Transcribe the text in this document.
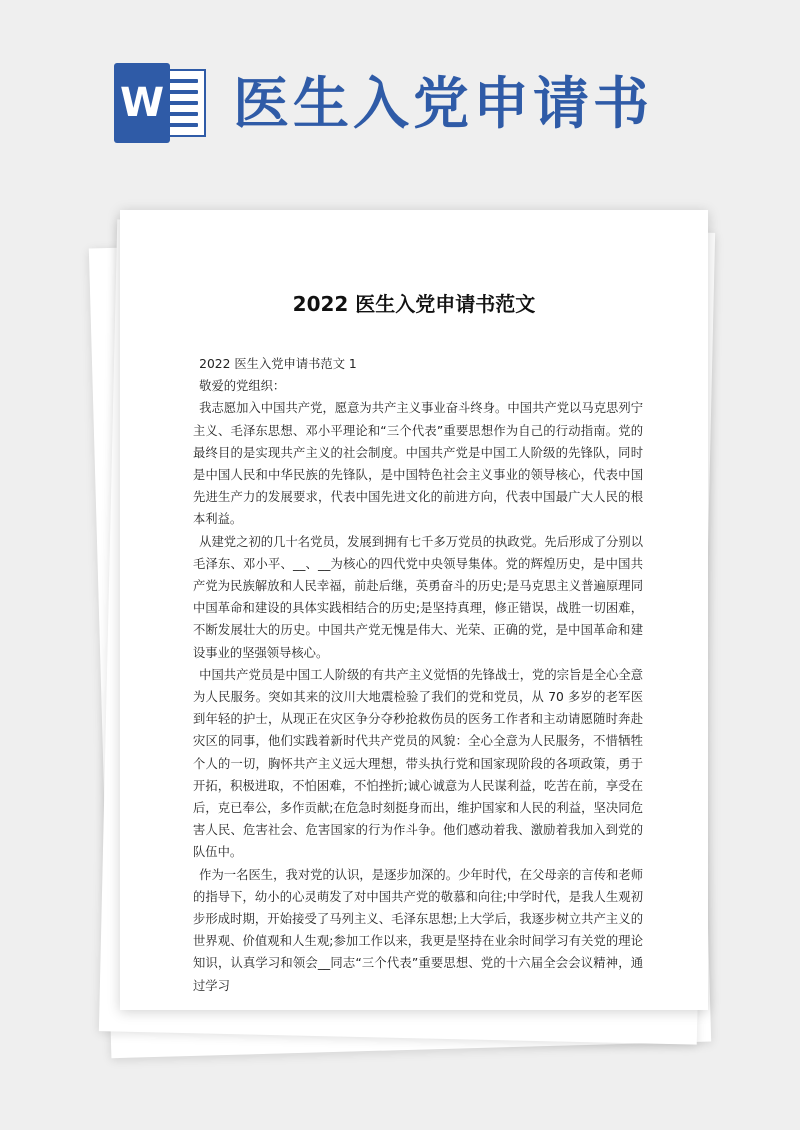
W 医生入党申请书
2022 医生入党申请书范文

2022 医生入党申请书范文 1

敬爱的党组织：

我志愿加入中国共产党，愿意为共产主义事业奋斗终身。中国共产党以马克思列宁主义、毛泽东思想、邓小平理论和“三个代表”重要思想作为自己的行动指南。党的最终目的是实现共产主义的社会制度。中国共产党是中国工人阶级的先锋队，同时是中国人民和中华民族的先锋队，是中国特色社会主义事业的领导核心，代表中国先进生产力的发展要求，代表中国先进文化的前进方向，代表中国最广大人民的根本利益。

从建党之初的几十名党员，发展到拥有七千多万党员的执政党。先后形成了分别以毛泽东、邓小平、__、__为核心的四代党中央领导集体。党的辉煌历史，是中国共产党为民族解放和人民幸福，前赴后继，英勇奋斗的历史;是马克思主义普遍原理同中国革命和建设的具体实践相结合的历史;是坚持真理，修正错误，战胜一切困难，不断发展壮大的历史。中国共产党无愧是伟大、光荣、正确的党，是中国革命和建设事业的坚强领导核心。

中国共产党员是中国工人阶级的有共产主义觉悟的先锋战士，党的宗旨是全心全意为人民服务。突如其来的汶川大地震检验了我们的党和党员，从 70 多岁的老军医到年轻的护士，从现正在灾区争分夺秒抢救伤员的医务工作者和主动请愿随时奔赴灾区的同事，他们实践着新时代共产党员的风貌：全心全意为人民服务，不惜牺牲个人的一切，胸怀共产主义远大理想，带头执行党和国家现阶段的各项政策，勇于开拓，积极进取，不怕困难，不怕挫折;诚心诚意为人民谋利益，吃苦在前，享受在后，克已奉公，多作贡献;在危急时刻挺身而出，维护国家和人民的利益，坚决同危害人民、危害社会、危害国家的行为作斗争。他们感动着我、激励着我加入到党的队伍中。

作为一名医生，我对党的认识，是逐步加深的。少年时代，在父母亲的言传和老师的指导下，幼小的心灵萌发了对中国共产党的敬慕和向往;中学时代，是我人生观初步形成时期，开始接受了马列主义、毛泽东思想;上大学后，我逐步树立共产主义的世界观、价值观和人生观;参加工作以来，我更是坚持在业余时间学习有关党的理论知识，认真学习和领会__同志“三个代表”重要思想、党的十六届全会会议精神，通过学习
